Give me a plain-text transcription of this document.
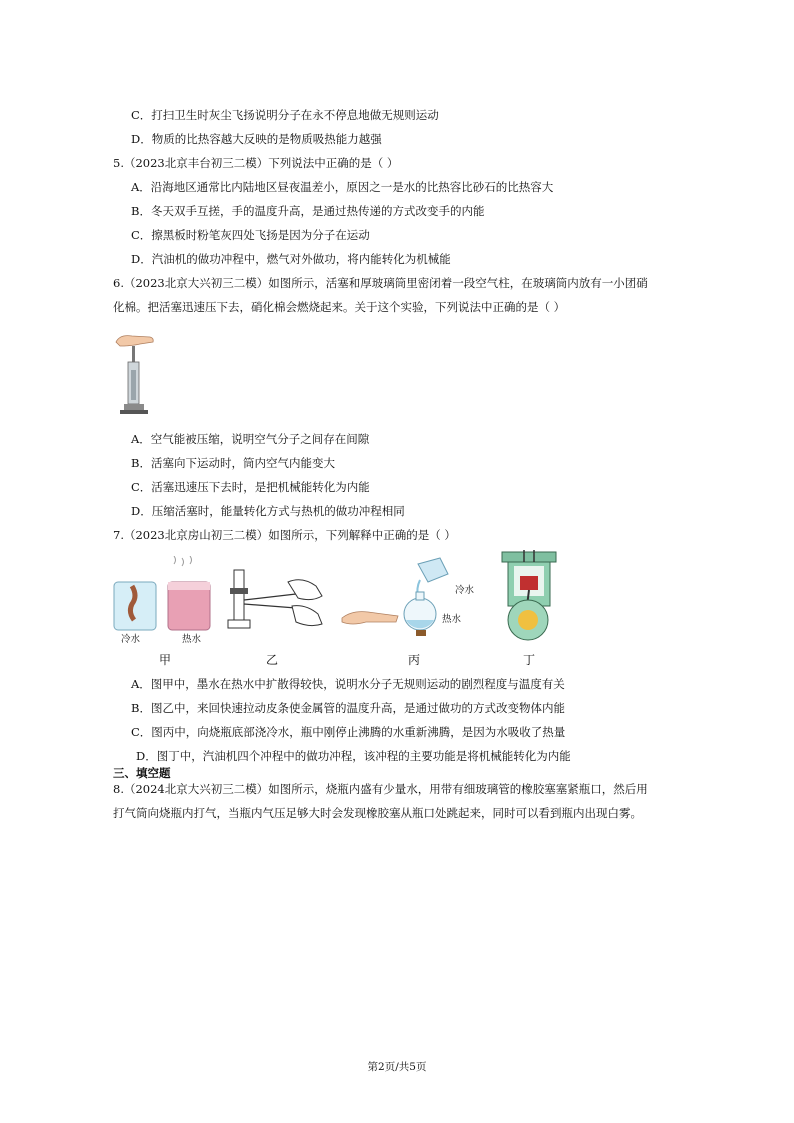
C．打扫卫生时灰尘飞扬说明分子在永不停息地做无规则运动
D．物质的比热容越大反映的是物质吸热能力越强
5.（2023北京丰台初三二模）下列说法中正确的是（ ）
A．沿海地区通常比内陆地区昼夜温差小，原因之一是水的比热容比砂石的比热容大
B．冬天双手互搓，手的温度升高，是通过热传递的方式改变手的内能
C．擦黑板时粉笔灰四处飞扬是因为分子在运动
D．汽油机的做功冲程中，燃气对外做功，将内能转化为机械能
6.（2023北京大兴初三二模）如图所示，活塞和厚玻璃筒里密闭着一段空气柱，在玻璃筒内放有一小团硝
化棉。把活塞迅速压下去，硝化棉会燃烧起来。关于这个实验，下列说法中正确的是（ ）
A．空气能被压缩，说明空气分子之间存在间隙
B．活塞向下运动时，筒内空气内能变大
C．活塞迅速压下去时，是把机械能转化为内能
D．压缩活塞时，能量转化方式与热机的做功冲程相同
7.（2023北京房山初三二模）如图所示，下列解释中正确的是（ ）
冷水	热水
甲	乙
冷水
热水
丙	丁
A．图甲中，墨水在热水中扩散得较快，说明水分子无规则运动的剧烈程度与温度有关
B．图乙中，来回快速拉动皮条使金属管的温度升高，是通过做功的方式改变物体内能
C．图丙中，向烧瓶底部浇冷水，瓶中刚停止沸腾的水重新沸腾，是因为水吸收了热量
D．图丁中，汽油机四个冲程中的做功冲程，该冲程的主要功能是将机械能转化为内能
三、填空题
8.（2024北京大兴初三二模）如图所示，烧瓶内盛有少量水，用带有细玻璃管的橡胶塞塞紧瓶口，然后用
打气筒向烧瓶内打气，当瓶内气压足够大时会发现橡胶塞从瓶口处跳起来，同时可以看到瓶内出现白雾。
第2页/共5页
